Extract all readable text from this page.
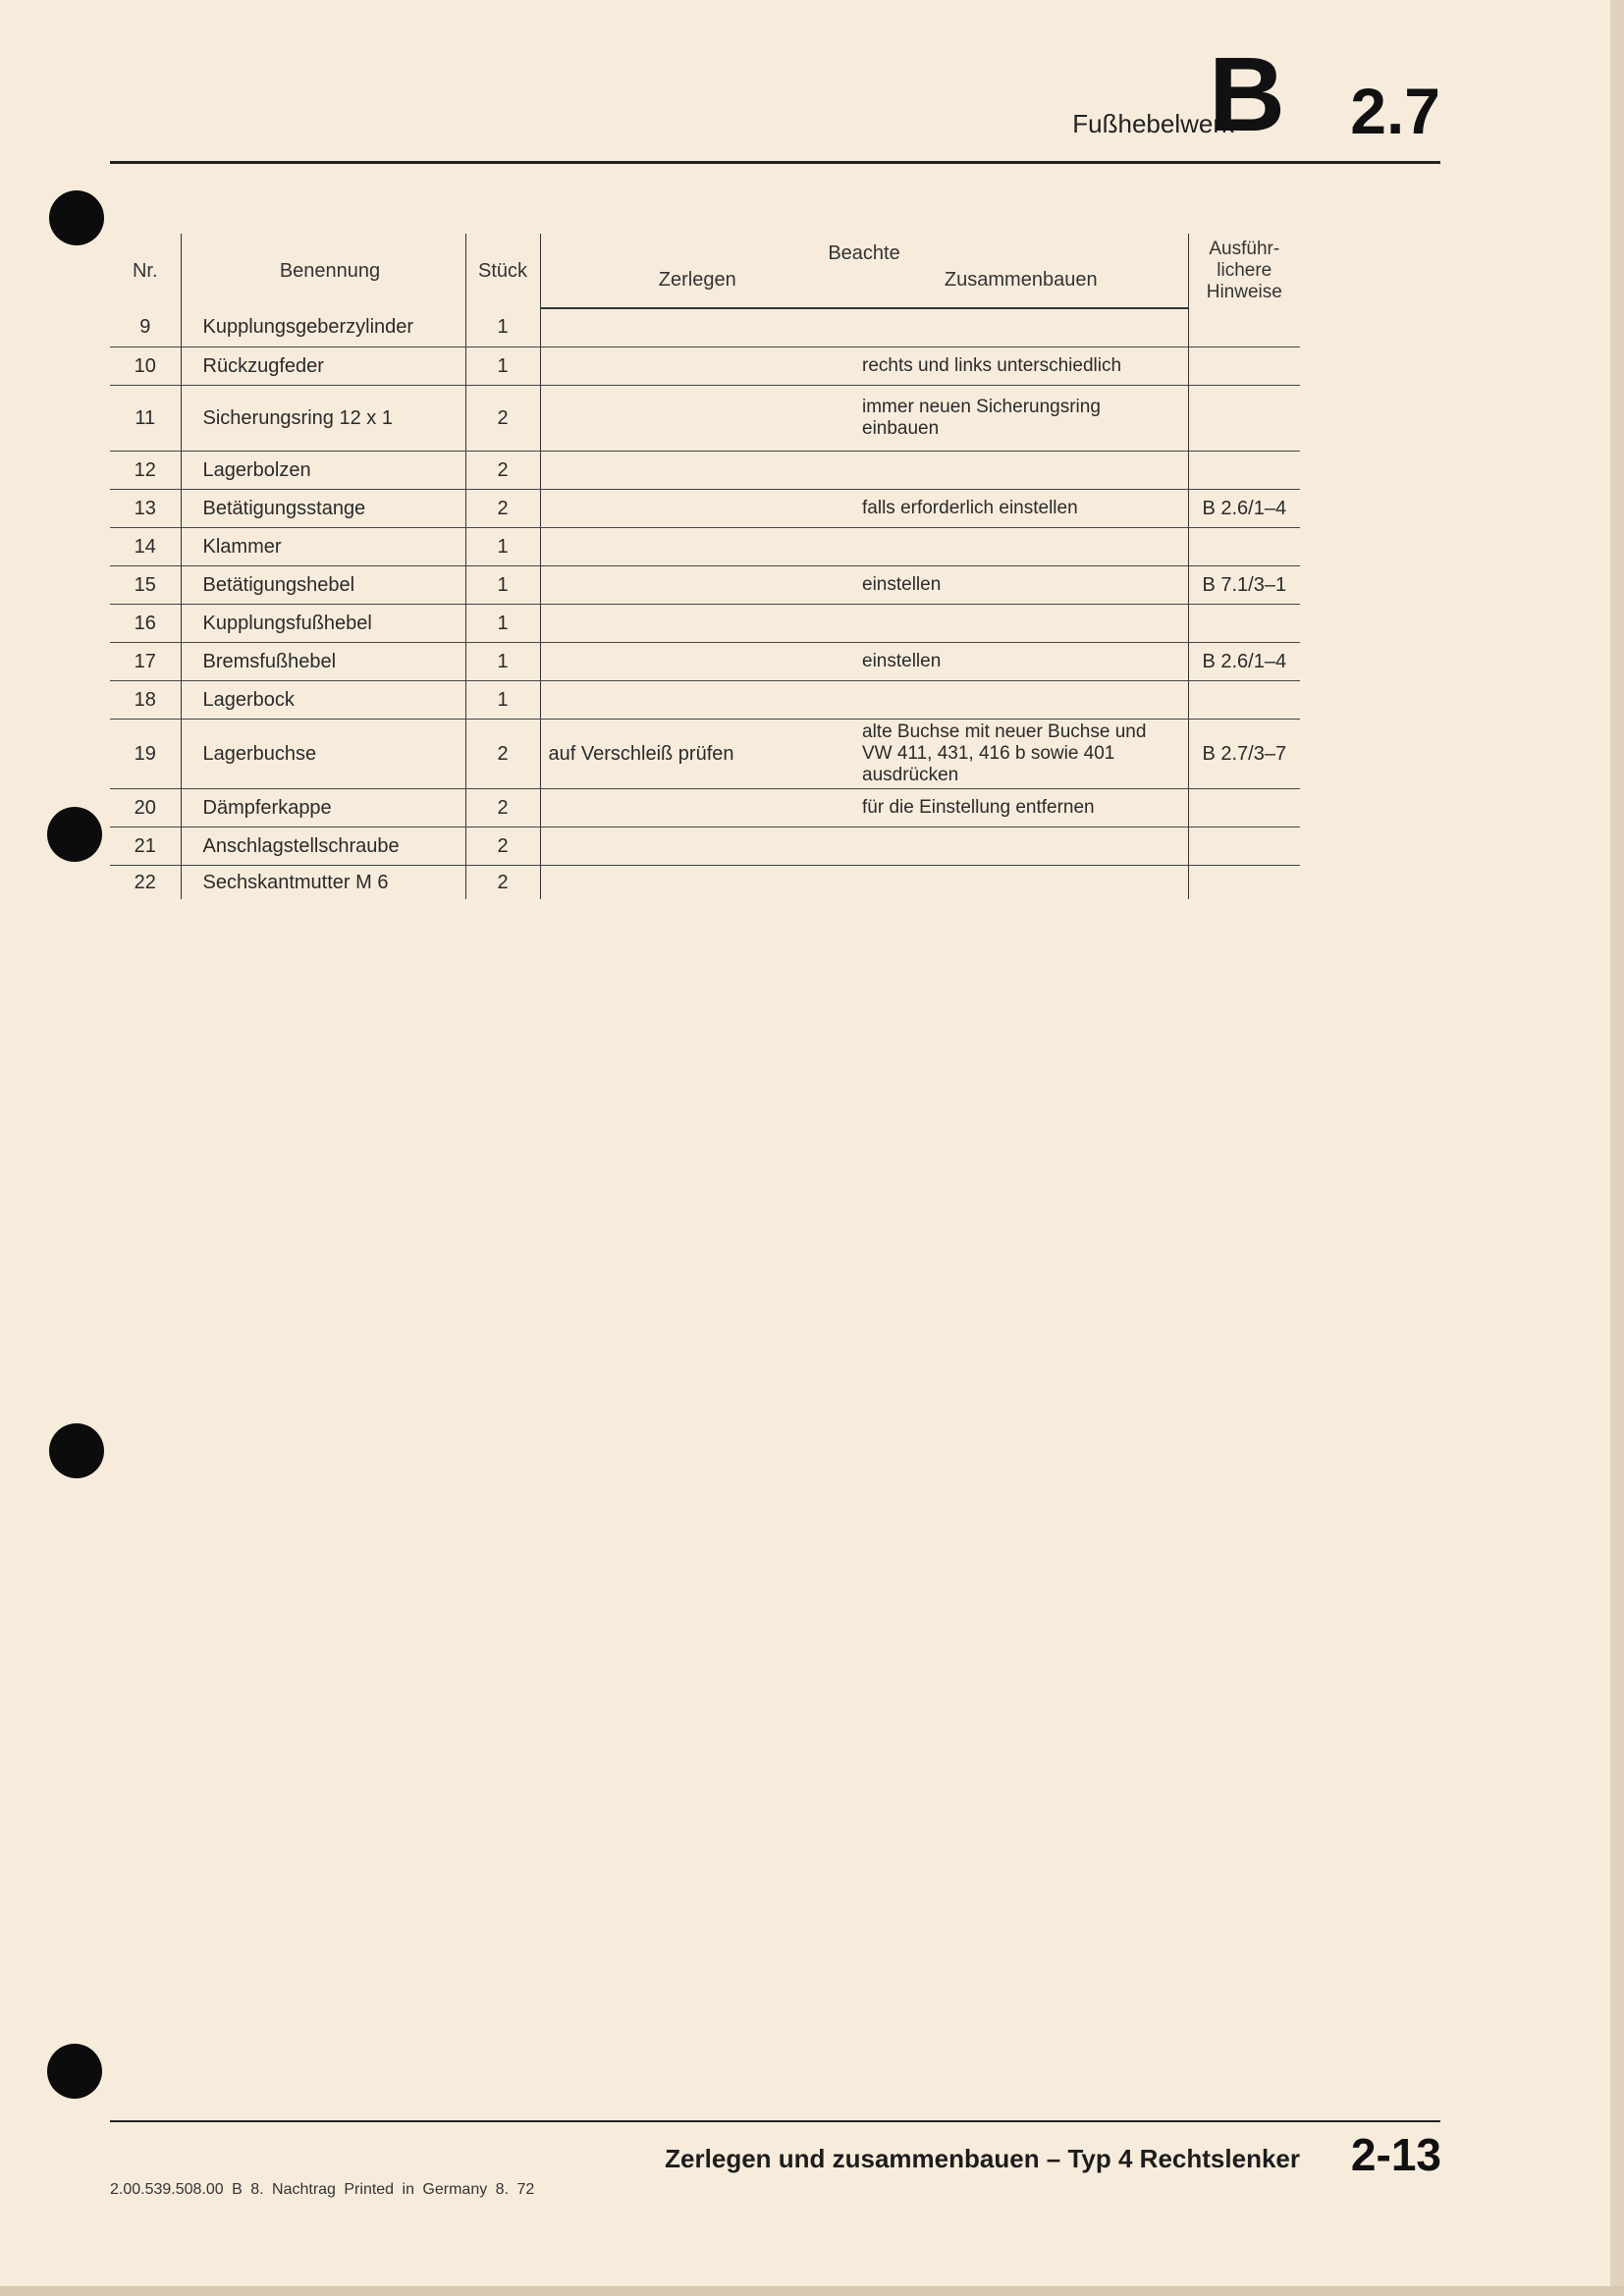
Fußhebelwerk
B 2.7
Nr.	Benennung	Stück	Beachte		Ausführ-
lichere
Hinweise
			Zerlegen	Zusammenbauen	
9	Kupplungsgeberzylinder	1			
10	Rückzugfeder	1		rechts und links unterschiedlich	
11	Sicherungsring 12 x 1	2		immer neuen Sicherungsring einbauen	
12	Lagerbolzen	2			
13	Betätigungsstange	2		falls erforderlich einstellen	B 2.6/1–4
14	Klammer	1			
15	Betätigungshebel	1		einstellen	B 7.1/3–1
16	Kupplungsfußhebel	1			
17	Bremsfußhebel	1		einstellen	B 2.6/1–4
18	Lagerbock	1			
19	Lagerbuchse	2	auf Verschleiß prüfen	alte Buchse mit neuer Buchse und VW 411, 431, 416 b sowie 401 ausdrücken	B 2.7/3–7
20	Dämpferkappe	2		für die Einstellung entfernen	
21	Anschlagstellschraube	2			
22	Sechskantmutter M 6	2			
Zerlegen und zusammenbauen – Typ 4 Rechtslenker 2-13
2.00.539.508.00 B 8. Nachtrag Printed in Germany 8. 72
